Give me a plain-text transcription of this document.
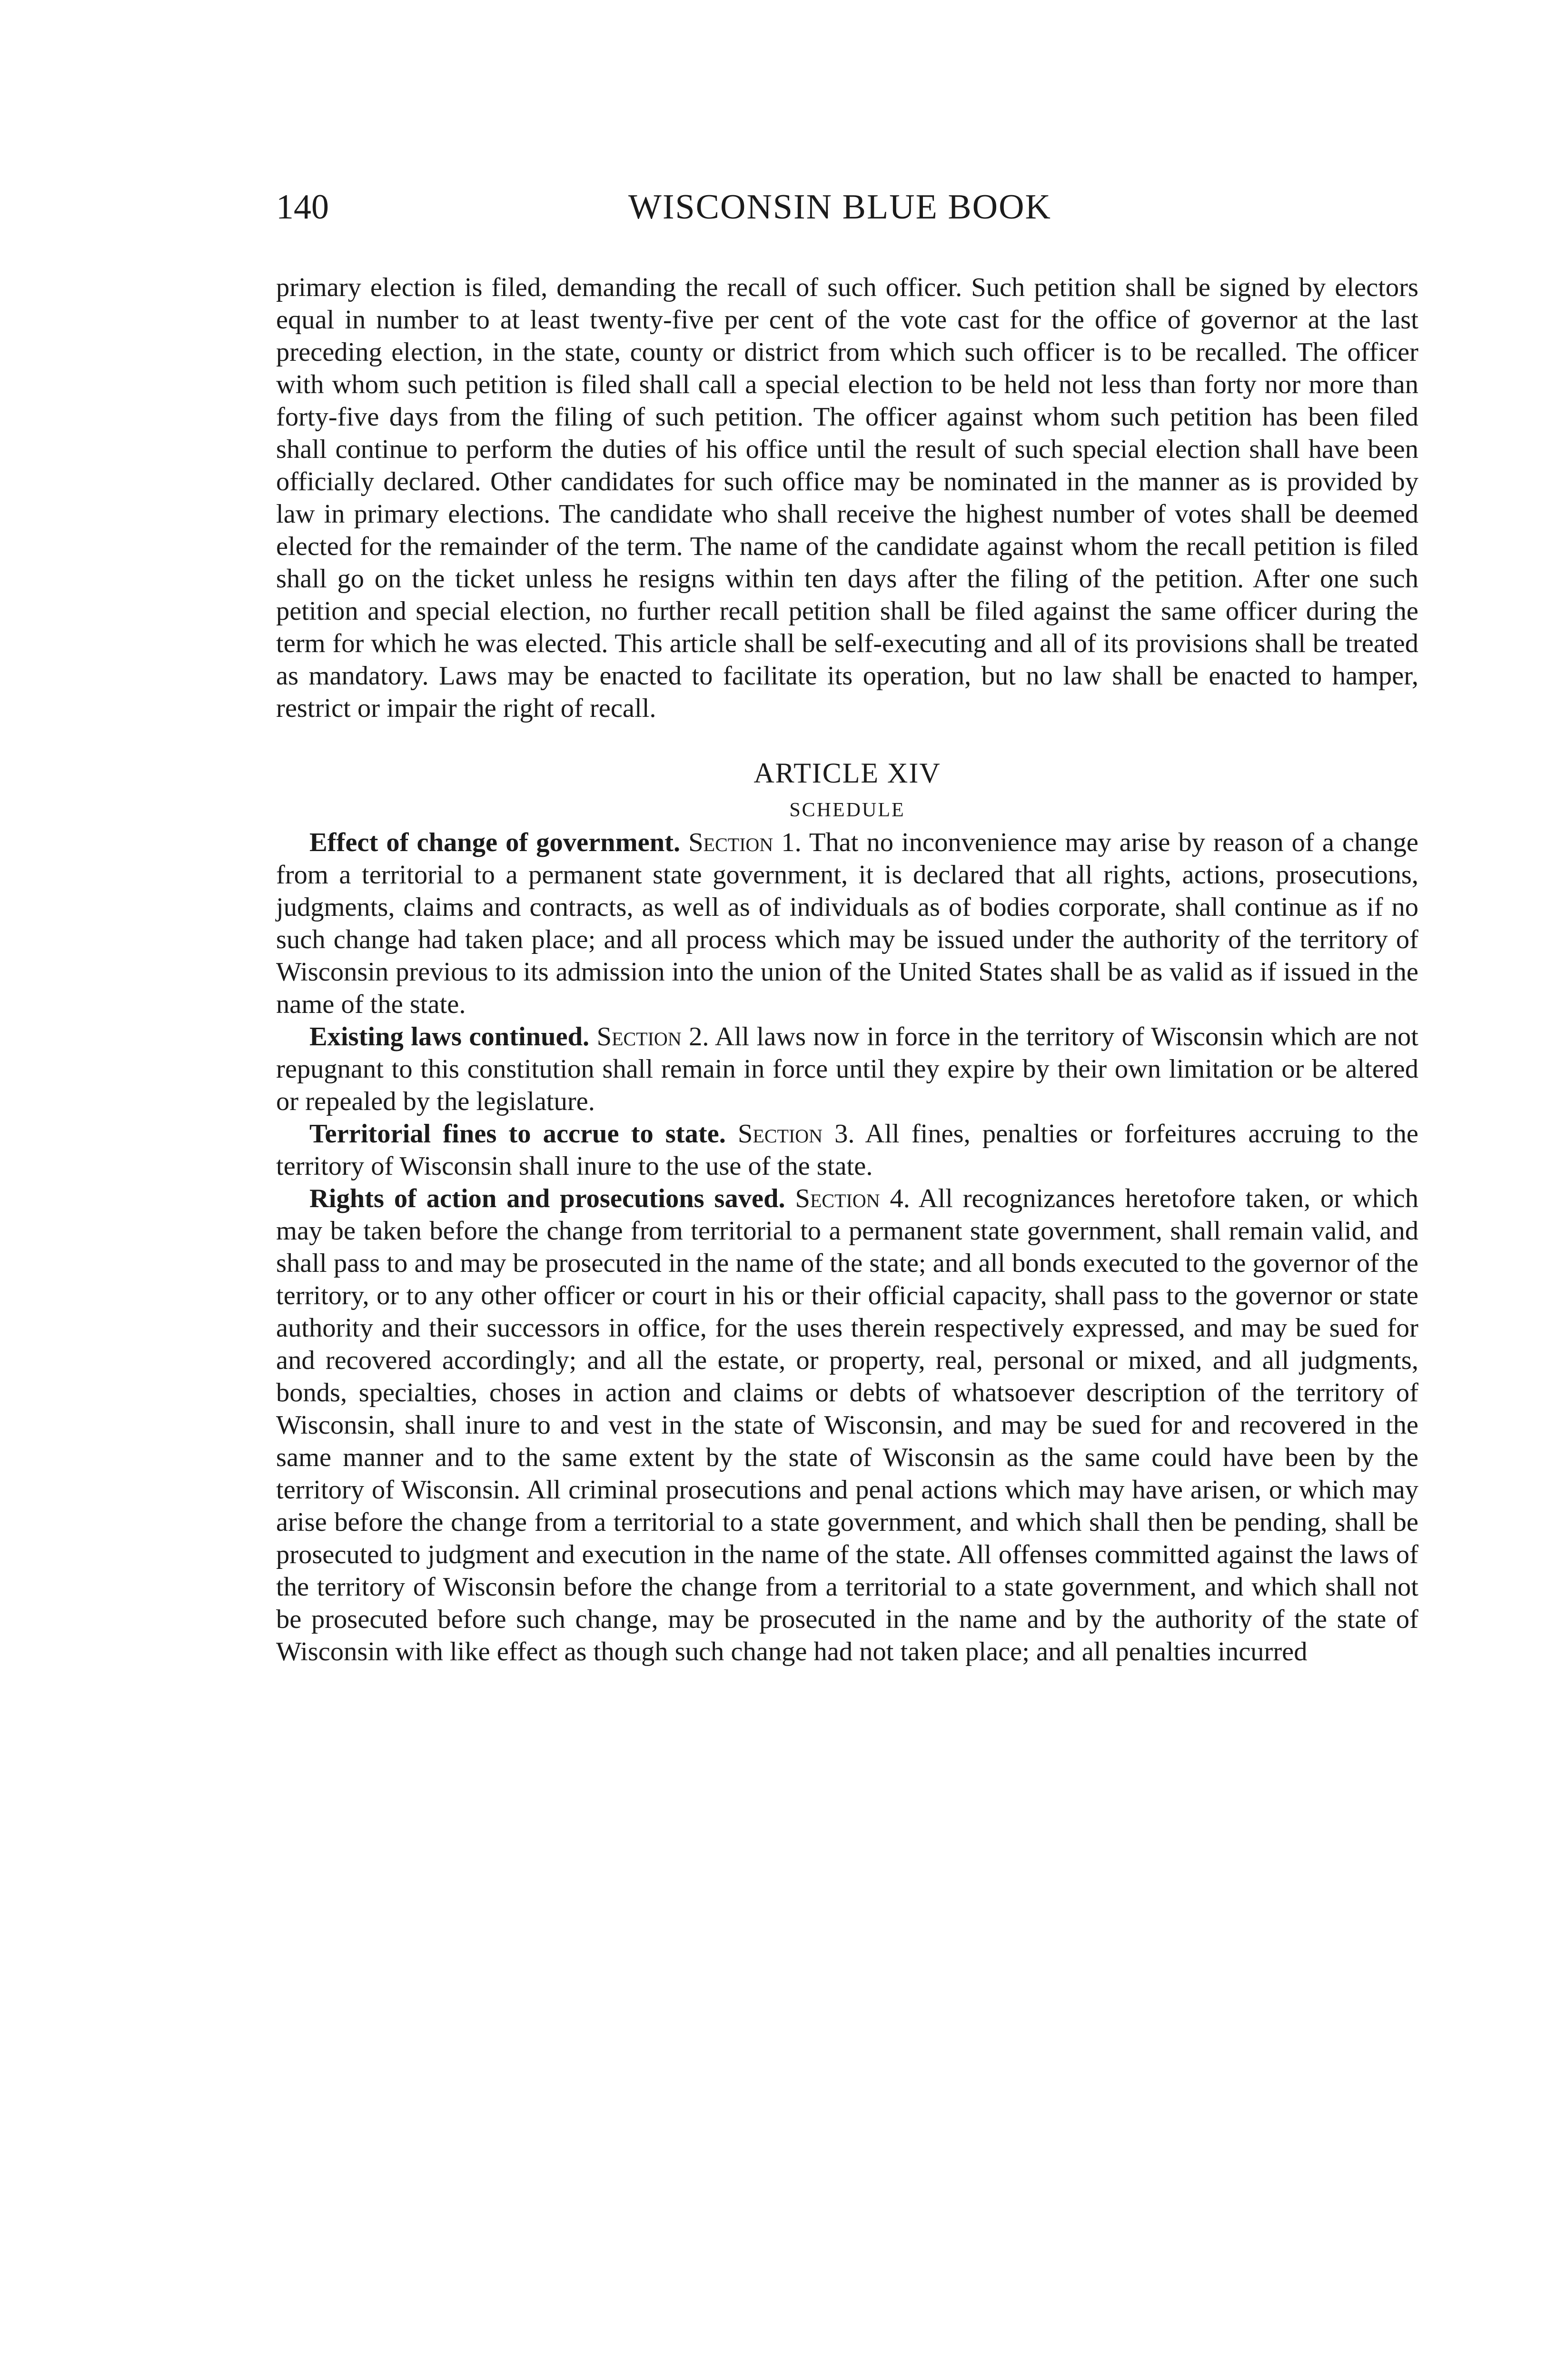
140	WISCONSIN BLUE BOOK

primary election is filed, demanding the recall of such officer. Such petition shall be signed by electors equal in number to at least twenty-five per cent of the vote cast for the office of governor at the last preceding election, in the state, county or district from which such officer is to be recalled. The officer with whom such petition is filed shall call a special election to be held not less than forty nor more than forty-five days from the filing of such petition. The officer against whom such petition has been filed shall continue to perform the duties of his office until the result of such special election shall have been officially declared. Other candidates for such office may be nominated in the manner as is provided by law in primary elections. The candidate who shall receive the highest number of votes shall be deemed elected for the remainder of the term. The name of the candidate against whom the recall petition is filed shall go on the ticket unless he resigns within ten days after the filing of the petition. After one such petition and special election, no further recall petition shall be filed against the same officer during the term for which he was elected. This article shall be self-executing and all of its provisions shall be treated as mandatory. Laws may be enacted to facilitate its operation, but no law shall be enacted to hamper, restrict or impair the right of recall.

ARTICLE XIV

SCHEDULE

Effect of change of government. Section 1. That no inconvenience may arise by reason of a change from a territorial to a permanent state government, it is declared that all rights, actions, prosecutions, judgments, claims and contracts, as well as of individuals as of bodies corporate, shall continue as if no such change had taken place; and all process which may be issued under the authority of the territory of Wisconsin previous to its admission into the union of the United States shall be as valid as if issued in the name of the state.

Existing laws continued. Section 2. All laws now in force in the territory of Wisconsin which are not repugnant to this constitution shall remain in force until they expire by their own limitation or be altered or repealed by the legislature.

Territorial fines to accrue to state. Section 3. All fines, penalties or forfeitures accruing to the territory of Wisconsin shall inure to the use of the state.

Rights of action and prosecutions saved. Section 4. All recognizances heretofore taken, or which may be taken before the change from territorial to a permanent state government, shall remain valid, and shall pass to and may be prosecuted in the name of the state; and all bonds executed to the governor of the territory, or to any other officer or court in his or their official capacity, shall pass to the governor or state authority and their successors in office, for the uses therein respectively expressed, and may be sued for and recovered accordingly; and all the estate, or property, real, personal or mixed, and all judgments, bonds, specialties, choses in action and claims or debts of whatsoever description of the territory of Wisconsin, shall inure to and vest in the state of Wisconsin, and may be sued for and recovered in the same manner and to the same extent by the state of Wisconsin as the same could have been by the territory of Wisconsin. All criminal prosecutions and penal actions which may have arisen, or which may arise before the change from a territorial to a state government, and which shall then be pending, shall be prosecuted to judgment and execution in the name of the state. All offenses committed against the laws of the territory of Wisconsin before the change from a territorial to a state government, and which shall not be prosecuted before such change, may be prosecuted in the name and by the authority of the state of Wisconsin with like effect as though such change had not taken place; and all penalties incurred
